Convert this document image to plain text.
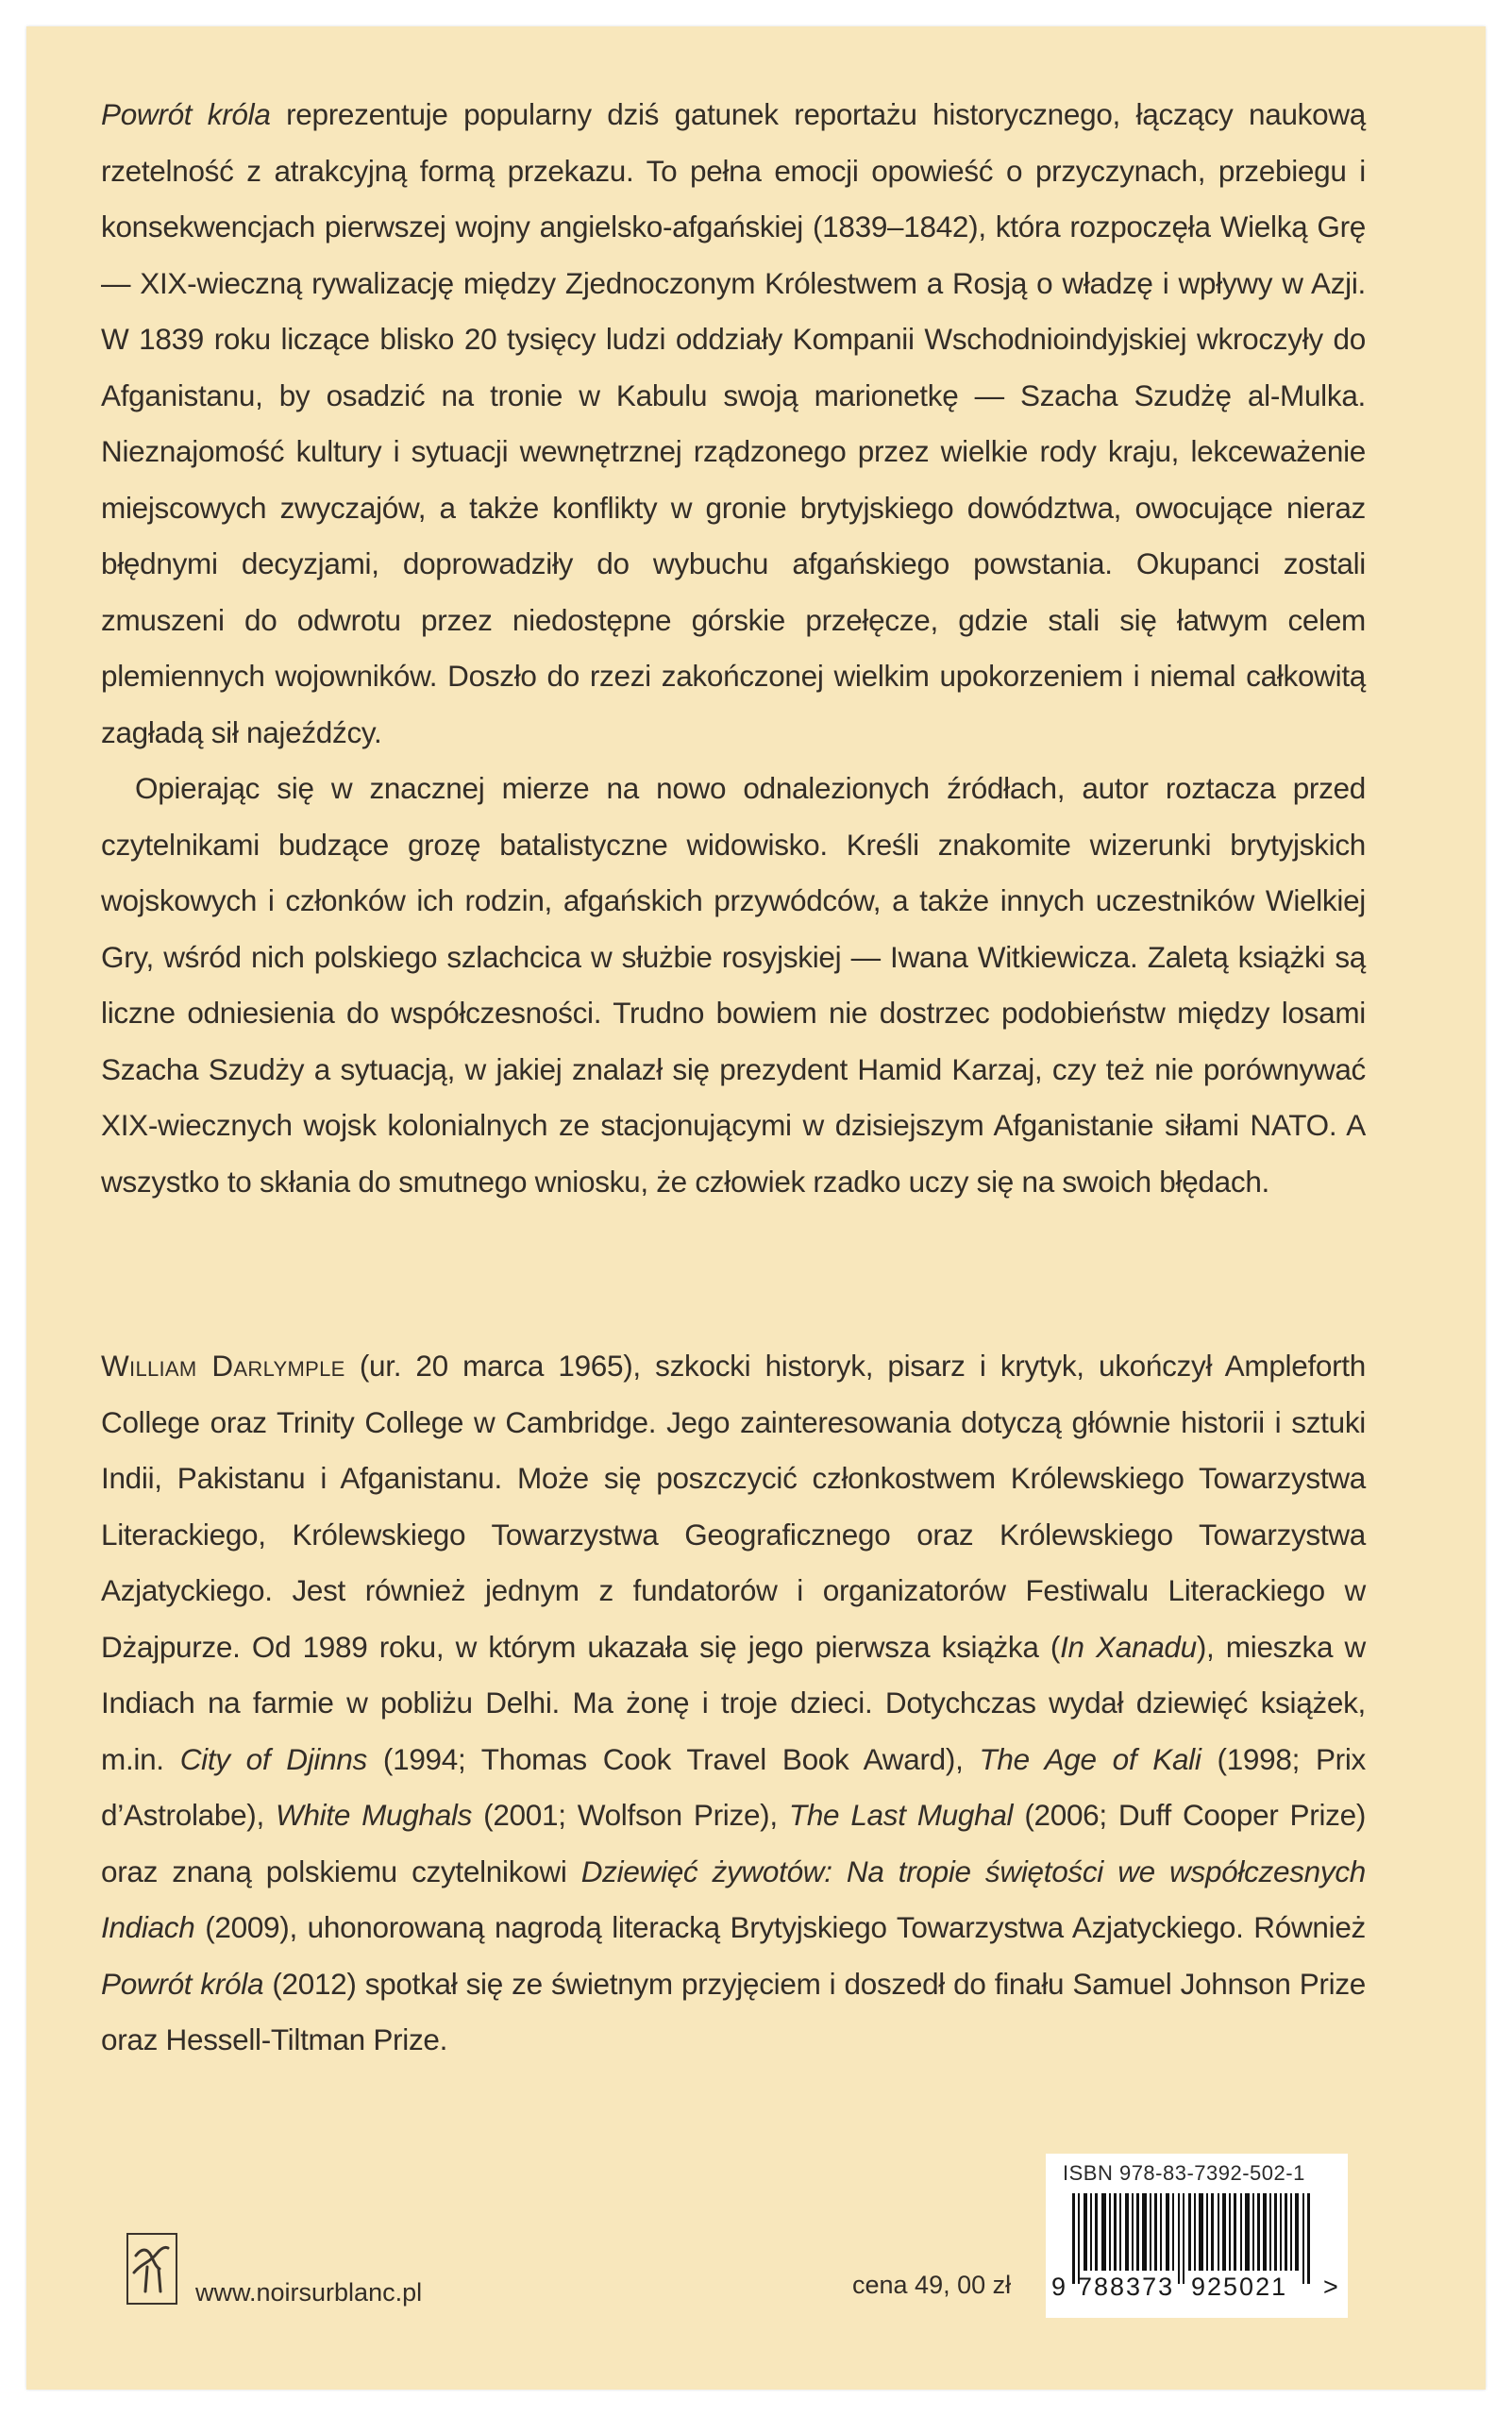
Powrót króla reprezentuje popularny dziś gatunek reportażu historycznego, łączący naukową rzetelność z atrakcyjną formą przekazu. To pełna emocji opowieść o przyczynach, przebiegu i konsekwencjach pierwszej wojny angielsko-afgańskiej (1839–1842), która rozpoczęła Wielką Grę — XIX-wieczną rywalizację między Zjednoczonym Królestwem a Rosją o władzę i wpływy w Azji. W 1839 roku liczące blisko 20 tysięcy ludzi oddziały Kompanii Wschodnioindyjskiej wkroczyły do Afganistanu, by osadzić na tronie w Kabulu swoją marionetkę — Szacha Szudżę al-Mulka. Nieznajomość kultury i sytuacji wewnętrznej rządzonego przez wielkie rody kraju, lekceważenie miejscowych zwyczajów, a także konflikty w gronie brytyjskiego dowództwa, owocujące nieraz błędnymi decyzjami, doprowadziły do wybuchu afgańskiego powstania. Okupanci zostali zmuszeni do odwrotu przez niedostępne górskie przełęcze, gdzie stali się łatwym celem plemiennych wojowników. Doszło do rzezi zakończonej wielkim upokorzeniem i niemal całkowitą zagładą sił najeźdźcy.

Opierając się w znacznej mierze na nowo odnalezionych źródłach, autor roztacza przed czytelnikami budzące grozę batalistyczne widowisko. Kreśli znakomite wizerunki brytyjskich wojskowych i członków ich rodzin, afgańskich przywódców, a także innych uczestników Wielkiej Gry, wśród nich polskiego szlachcica w służbie rosyjskiej — Iwana Witkiewicza. Zaletą książki są liczne odniesienia do współczesności. Trudno bowiem nie dostrzec podobieństw między losami Szacha Szudży a sytuacją, w jakiej znalazł się prezydent Hamid Karzaj, czy też nie porównywać XIX-wiecznych wojsk kolonialnych ze stacjonującymi w dzisiejszym Afganistanie siłami NATO. A wszystko to skłania do smutnego wniosku, że człowiek rzadko uczy się na swoich błędach.

William Darlymple (ur. 20 marca 1965), szkocki historyk, pisarz i krytyk, ukończył Ampleforth College oraz Trinity College w Cambridge. Jego zainteresowania dotyczą głównie historii i sztuki Indii, Pakistanu i Afganistanu. Może się poszczycić członkostwem Królewskiego Towarzystwa Literackiego, Królewskiego Towarzystwa Geograficznego oraz Królewskiego Towarzystwa Azjatyckiego. Jest również jednym z fundatorów i organizatorów Festiwalu Literackiego w Dżajpurze. Od 1989 roku, w którym ukazała się jego pierwsza książka (In Xanadu), mieszka w Indiach na farmie w pobliżu Delhi. Ma żonę i troje dzieci. Dotychczas wydał dziewięć książek, m.in. City of Djinns (1994; Thomas Cook Travel Book Award), The Age of Kali (1998; Prix d’Astrolabe), White Mughals (2001; Wolfson Prize), The Last Mughal (2006; Duff Cooper Prize) oraz znaną polskiemu czytelnikowi Dziewięć żywotów: Na tropie świętości we współczesnych Indiach (2009), uhonorowaną nagrodą literacką Brytyjskiego Towarzystwa Azjatyckiego. Również Powrót króla (2012) spotkał się ze świetnym przyjęciem i doszedł do finału Samuel Johnson Prize oraz Hessell-Tiltman Prize.

www.noirsurblanc.pl	cena 49, 00 zł
ISBN 978-83-7392-502-1
9 788373 925021 >
